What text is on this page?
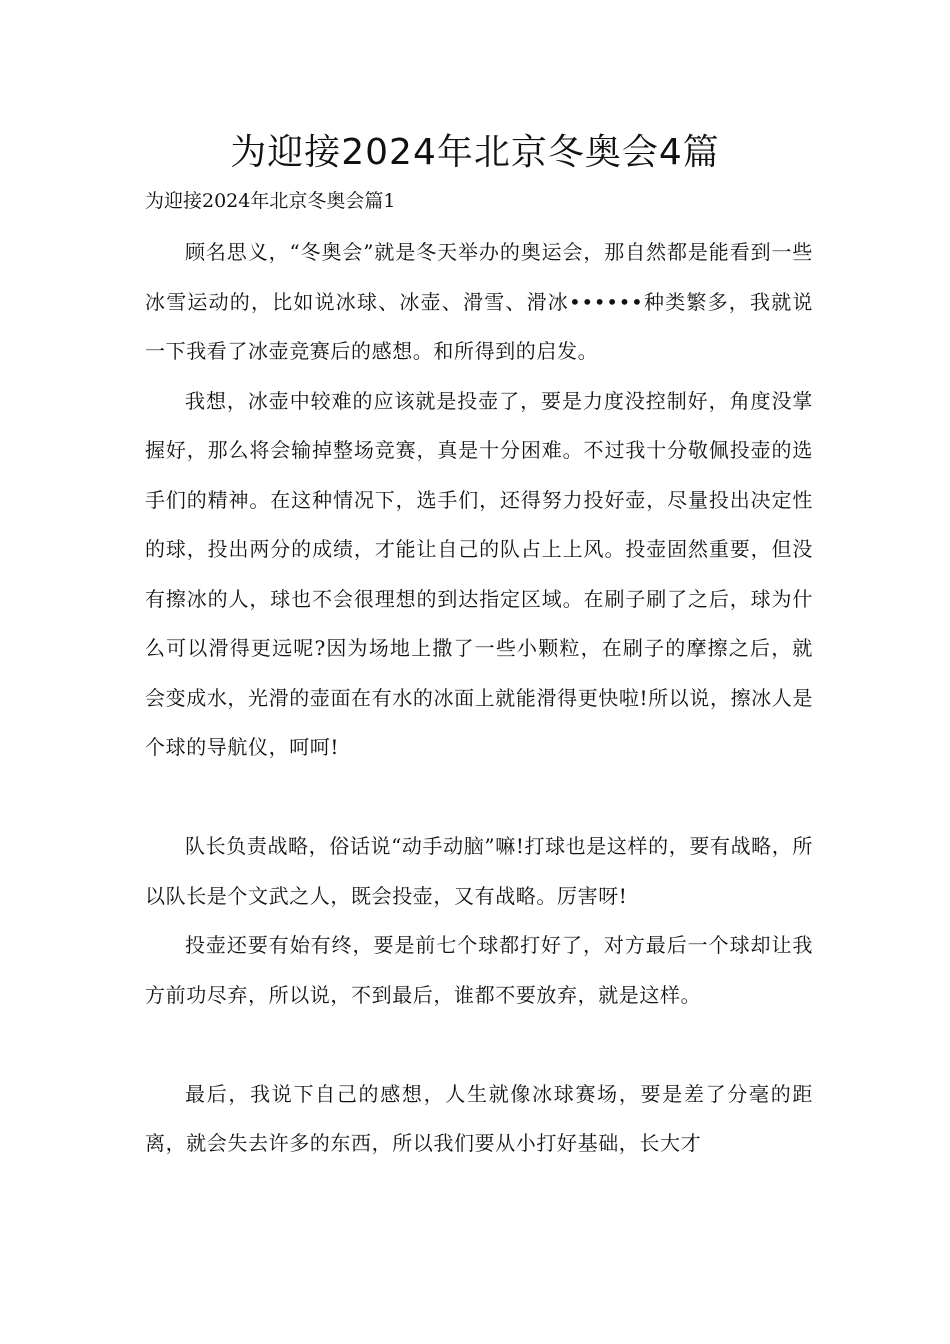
为迎接2024年北京冬奥会4篇

为迎接2024年北京冬奥会篇1

顾名思义，“冬奥会”就是冬天举办的奥运会，那自然都是能看到一些冰雪运动的，比如说冰球、冰壶、滑雪、滑冰••••••种类繁多，我就说一下我看了冰壶竞赛后的感想。和所得到的启发。

我想，冰壶中较难的应该就是投壶了，要是力度没控制好，角度没掌握好，那么将会输掉整场竞赛，真是十分困难。不过我十分敬佩投壶的选手们的精神。在这种情况下，选手们，还得努力投好壶，尽量投出决定性的球，投出两分的成绩，才能让自己的队占上上风。投壶固然重要，但没有擦冰的人，球也不会很理想的到达指定区域。在刷子刷了之后，球为什么可以滑得更远呢?因为场地上撒了一些小颗粒，在刷子的摩擦之后，就会变成水，光滑的壶面在有水的冰面上就能滑得更快啦!所以说，擦冰人是个球的导航仪，呵呵!

队长负责战略，俗话说“动手动脑”嘛!打球也是这样的，要有战略，所以队长是个文武之人，既会投壶，又有战略。厉害呀!

投壶还要有始有终，要是前七个球都打好了，对方最后一个球却让我方前功尽弃，所以说，不到最后，谁都不要放弃，就是这样。

最后，我说下自己的感想，人生就像冰球赛场，要是差了分毫的距离，就会失去许多的东西，所以我们要从小打好基础，长大才
